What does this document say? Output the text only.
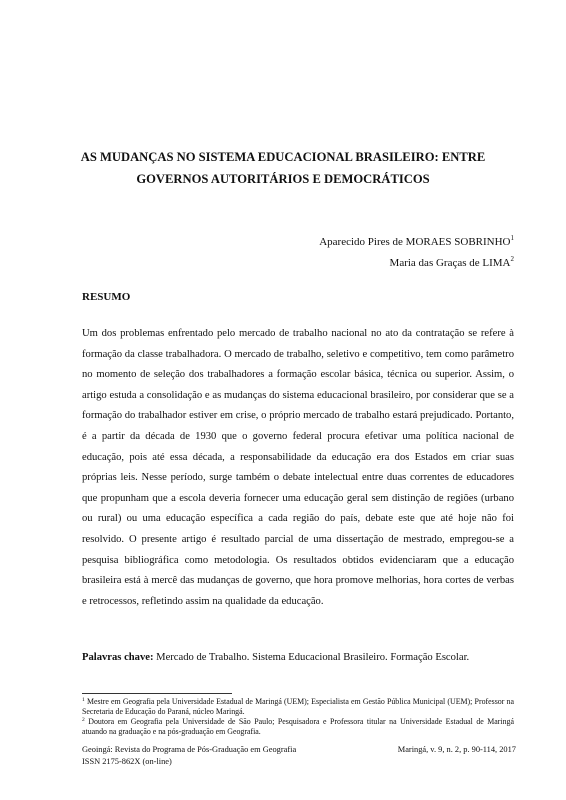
AS MUDANÇAS NO SISTEMA EDUCACIONAL BRASILEIRO: ENTRE
GOVERNOS AUTORITÁRIOS E DEMOCRÁTICOS
Aparecido Pires de MORAES SOBRINHO$^1$
Maria das Graças de LIMA$^2$
RESUMO

Um dos problemas enfrentado pelo mercado de trabalho nacional no ato da contratação se refere à formação da classe trabalhadora. O mercado de trabalho, seletivo e competitivo, tem como parâmetro no momento de seleção dos trabalhadores a formação escolar básica, técnica ou superior. Assim, o artigo estuda a consolidação e as mudanças do sistema educacional brasileiro, por considerar que se a formação do trabalhador estiver em crise, o próprio mercado de trabalho estará prejudicado. Portanto, é a partir da década de 1930 que o governo federal procura efetivar uma política nacional de educação, pois até essa década, a responsabilidade da educação era dos Estados em criar suas próprias leis. Nesse período, surge também o debate intelectual entre duas correntes de educadores que propunham que a escola deveria fornecer uma educação geral sem distinção de regiões (urbano ou rural) ou uma educação específica a cada região do país, debate este que até hoje não foi resolvido. O presente artigo é resultado parcial de uma dissertação de mestrado, empregou-se a pesquisa bibliográfica como metodologia. Os resultados obtidos evidenciaram que a educação brasileira está à mercê das mudanças de governo, que hora promove melhorias, hora cortes de verbas e retrocessos, refletindo assim na qualidade da educação.

Palavras chave: Mercado de Trabalho. Sistema Educacional Brasileiro. Formação Escolar.

$^1$ Mestre em Geografia pela Universidade Estadual de Maringá (UEM); Especialista em Gestão Pública Municipal (UEM); Professor na Secretaria de Educação do Paraná, núcleo Maringá.

$^2$ Doutora em Geografia pela Universidade de São Paulo; Pesquisadora e Professora titular na Universidade Estadual de Maringá atuando na graduação e na pós-graduação em Geografia.

Geoingá: Revista do Programa de Pós-Graduação em Geografia	Maringá, v. 9, n. 2, p. 90-114, 2017
ISSN 2175-862X (on-line)
